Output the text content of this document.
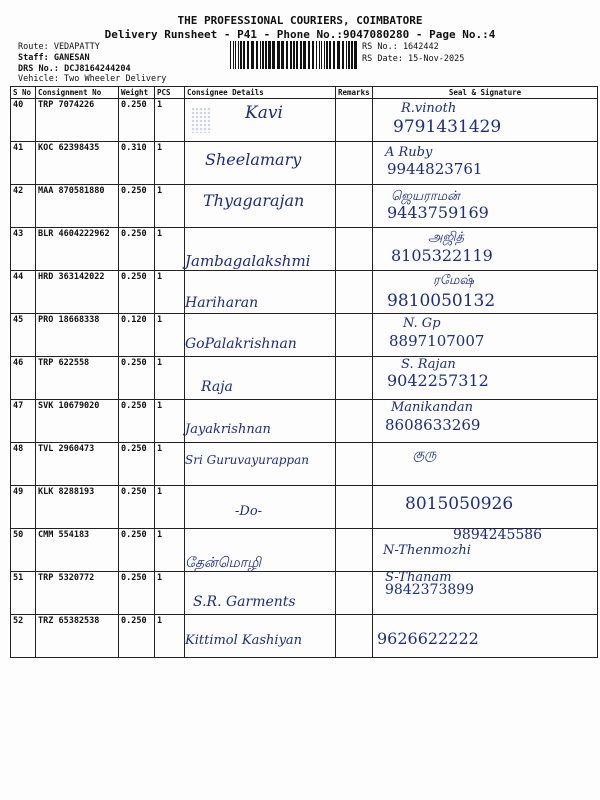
THE PROFESSIONAL COURIERS, COIMBATORE
Delivery Runsheet - P41 - Phone No.:9047080280 - Page No.:4
Route: VEDAPATTY
Staff: GANESAN
DRS No.: DCJ8164244204
Vehicle: Two Wheeler Delivery
RS No.: 1642442
RS Date: 15-Nov-2025
S No	Consignment No	Weight	PCS	Consignee Details	Remarks	Seal & Signature
40	TRP 7074226	0.250	1	Kavi		R.vinoth
9791431429

41	KOC 62398435	0.310	1	Sheelamary		A Ruby
9944823761

42	MAA 870581880	0.250	1	Thyagarajan		ஜெயராமன்
9443759169

43	BLR 4604222962	0.250	1	Jambagalakshmi		அஜித்
8105322119

44	HRD 363142022	0.250	1	Hariharan		ரமேஷ்
9810050132

45	PRO 18668338	0.120	1	GoPalakrishnan		N. Gp
8897107007

46	TRP 622558	0.250	1	Raja		S. Rajan
9042257312

47	SVK 10679020	0.250	1	Jayakrishnan		Manikandan
8608633269

48	TVL 2960473	0.250	1	Sri Guruvayurappan		குரு

49	KLK 8288193	0.250	1	-Do-		8015050926

50	CMM 554183	0.250	1	தேன்மொழி		N-Thenmozhi
9894245586

51	TRP 5320772	0.250	1	S.R. Garments		S-Thanam
9842373899

52	TRZ 65382538	0.250	1	Kittimol Kashiyan		9626622222
